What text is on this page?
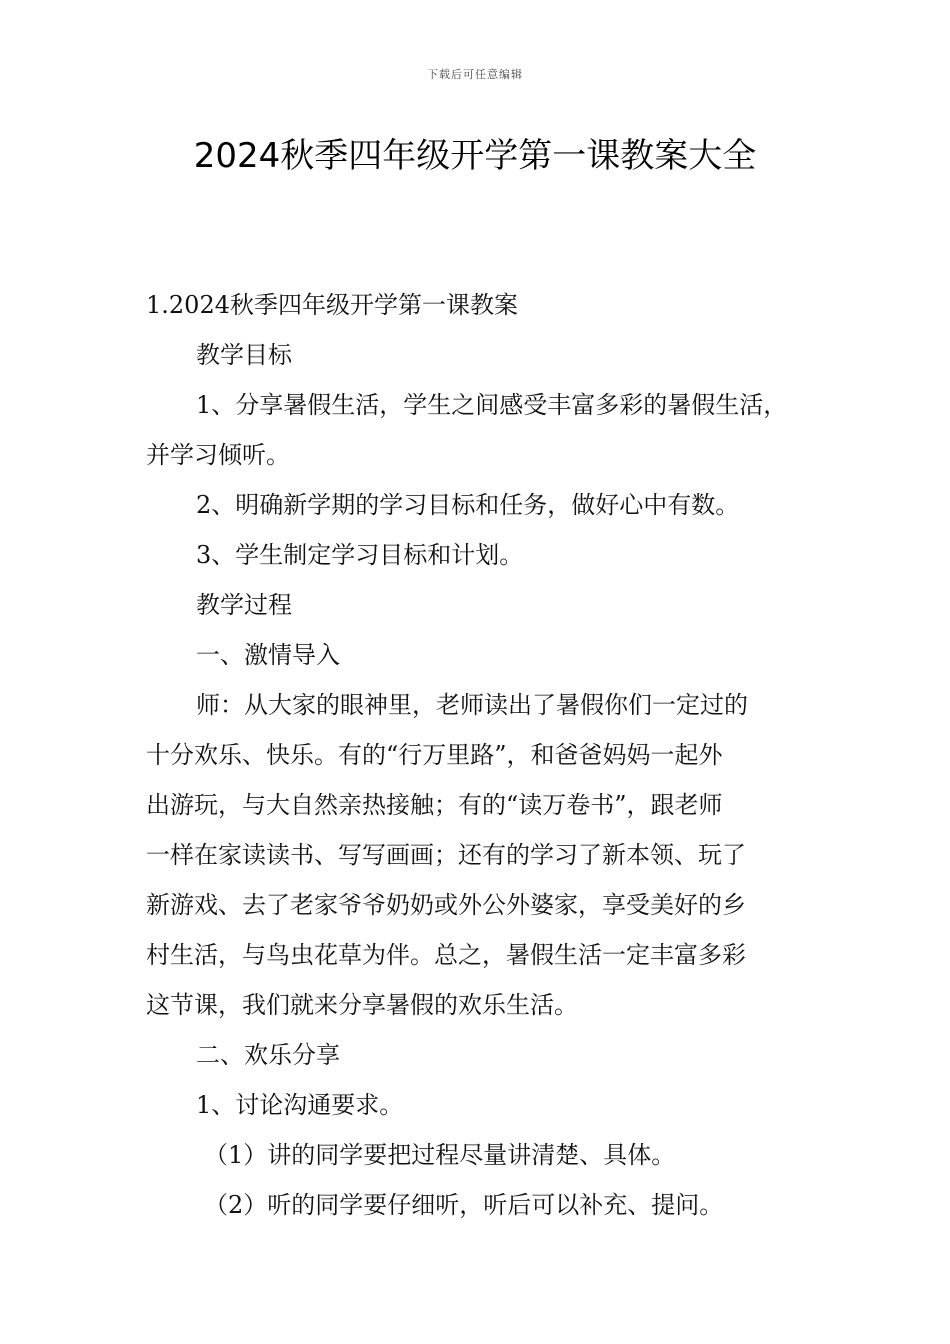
下载后可任意编辑
2024秋季四年级开学第一课教案大全

1.2024秋季四年级开学第一课教案

教学目标

1、分享暑假生活，学生之间感受丰富多彩的暑假生活，

并学习倾听。

2、明确新学期的学习目标和任务，做好心中有数。

3、学生制定学习目标和计划。

教学过程

一、激情导入

师：从大家的眼神里，老师读出了暑假你们一定过的

十分欢乐、快乐。有的“行万里路”，和爸爸妈妈一起外

出游玩，与大自然亲热接触；有的“读万卷书”，跟老师

一样在家读读书、写写画画；还有的学习了新本领、玩了

新游戏、去了老家爷爷奶奶或外公外婆家，享受美好的乡

村生活，与鸟虫花草为伴。总之，暑假生活一定丰富多彩

这节课，我们就来分享暑假的欢乐生活。

二、欢乐分享

1、讨论沟通要求。

（1）讲的同学要把过程尽量讲清楚、具体。

（2）听的同学要仔细听，听后可以补充、提问。
